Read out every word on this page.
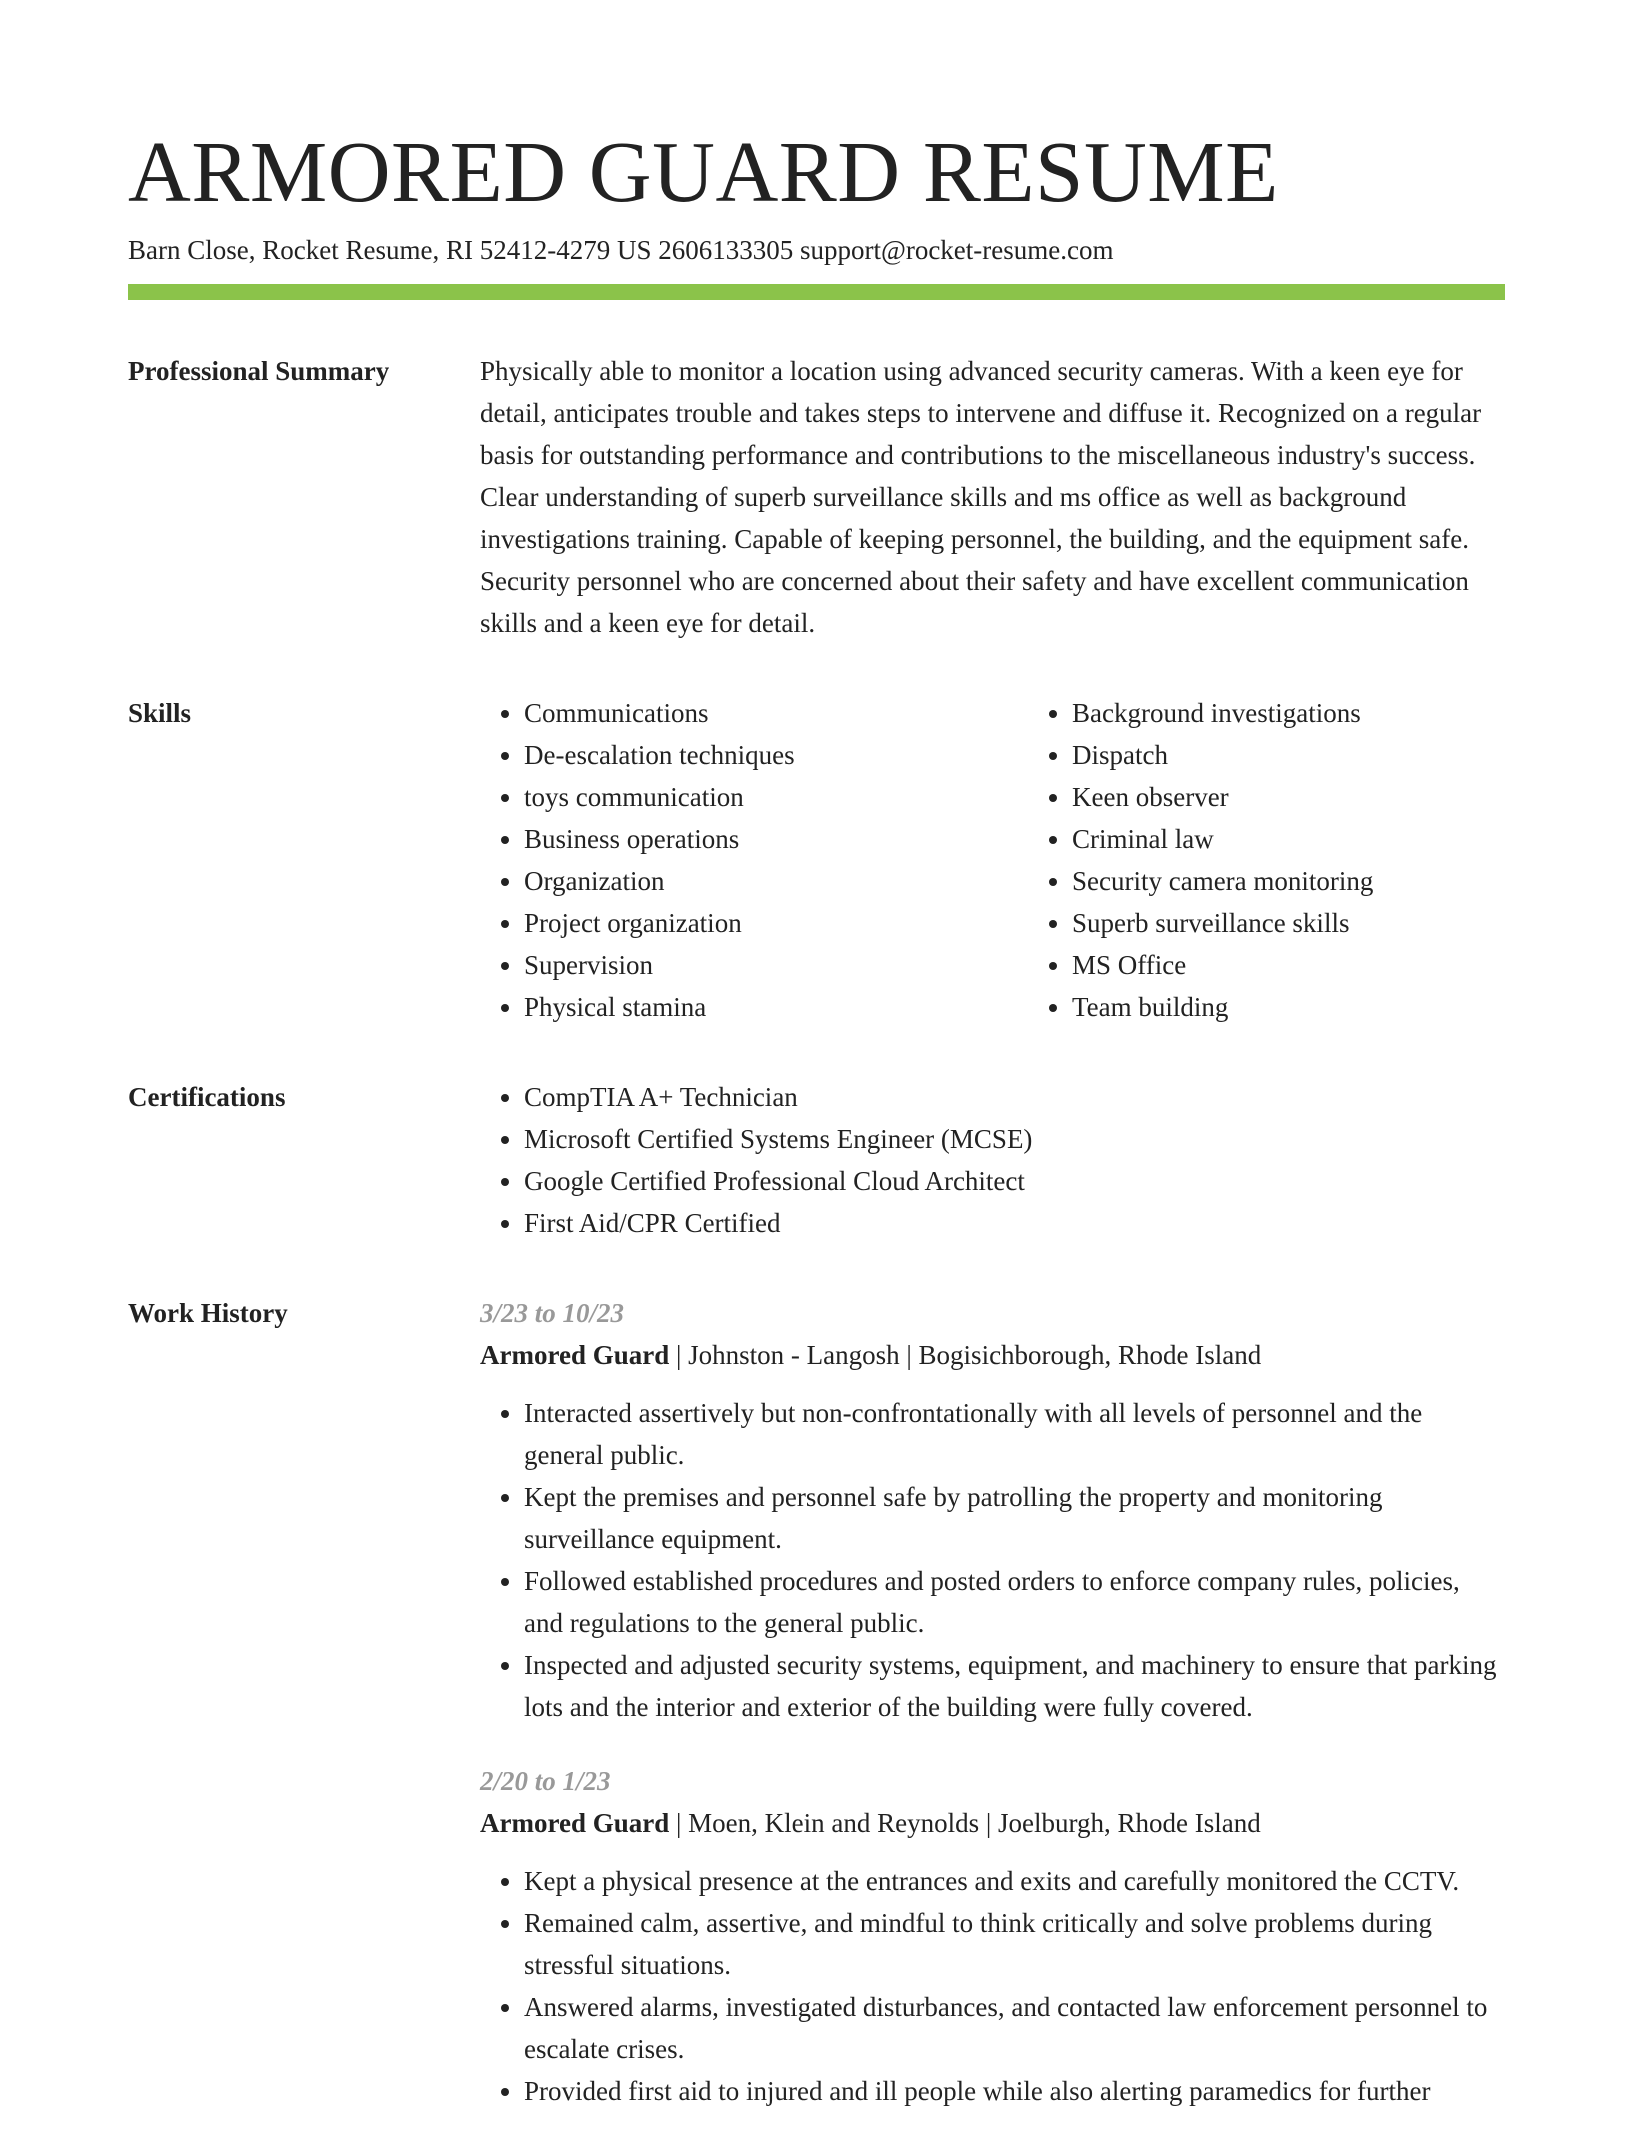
ARMORED GUARD RESUME
Barn Close, Rocket Resume, RI 52412-4279 US 2606133305 support@rocket-resume.com
Professional Summary	Physically able to monitor a location using advanced security cameras. With a keen eye for detail, anticipates trouble and takes steps to intervene and diffuse it. Recognized on a regular basis for outstanding performance and contributions to the miscellaneous industry's success. Clear understanding of superb surveillance skills and ms office as well as background investigations training. Capable of keeping personnel, the building, and the equipment safe. Security personnel who are concerned about their safety and have excellent communication skills and a keen eye for detail.

Skills	• Communications
• De-escalation techniques
• toys communication
• Business operations
• Organization
• Project organization
• Supervision
• Physical stamina
• Background investigations
• Dispatch
• Keen observer
• Criminal law
• Security camera monitoring
• Superb surveillance skills
• MS Office
• Team building
Certifications	• CompTIA A+ Technician
• Microsoft Certified Systems Engineer (MCSE)
• Google Certified Professional Cloud Architect
• First Aid/CPR Certified
Work History	3/23 to 10/23
Armored Guard | Johnston - Langosh | Bogisichborough, Rhode Island
• Interacted assertively but non-confrontationally with all levels of personnel and the general public.
• Kept the premises and personnel safe by patrolling the property and monitoring surveillance equipment.
• Followed established procedures and posted orders to enforce company rules, policies, and regulations to the general public.
• Inspected and adjusted security systems, equipment, and machinery to ensure that parking lots and the interior and exterior of the building were fully covered.
2/20 to 1/23
Armored Guard | Moen, Klein and Reynolds | Joelburgh, Rhode Island
• Kept a physical presence at the entrances and exits and carefully monitored the CCTV.
• Remained calm, assertive, and mindful to think critically and solve problems during stressful situations.
• Answered alarms, investigated disturbances, and contacted law enforcement personnel to escalate crises.
• Provided first aid to injured and ill people while also alerting paramedics for further
